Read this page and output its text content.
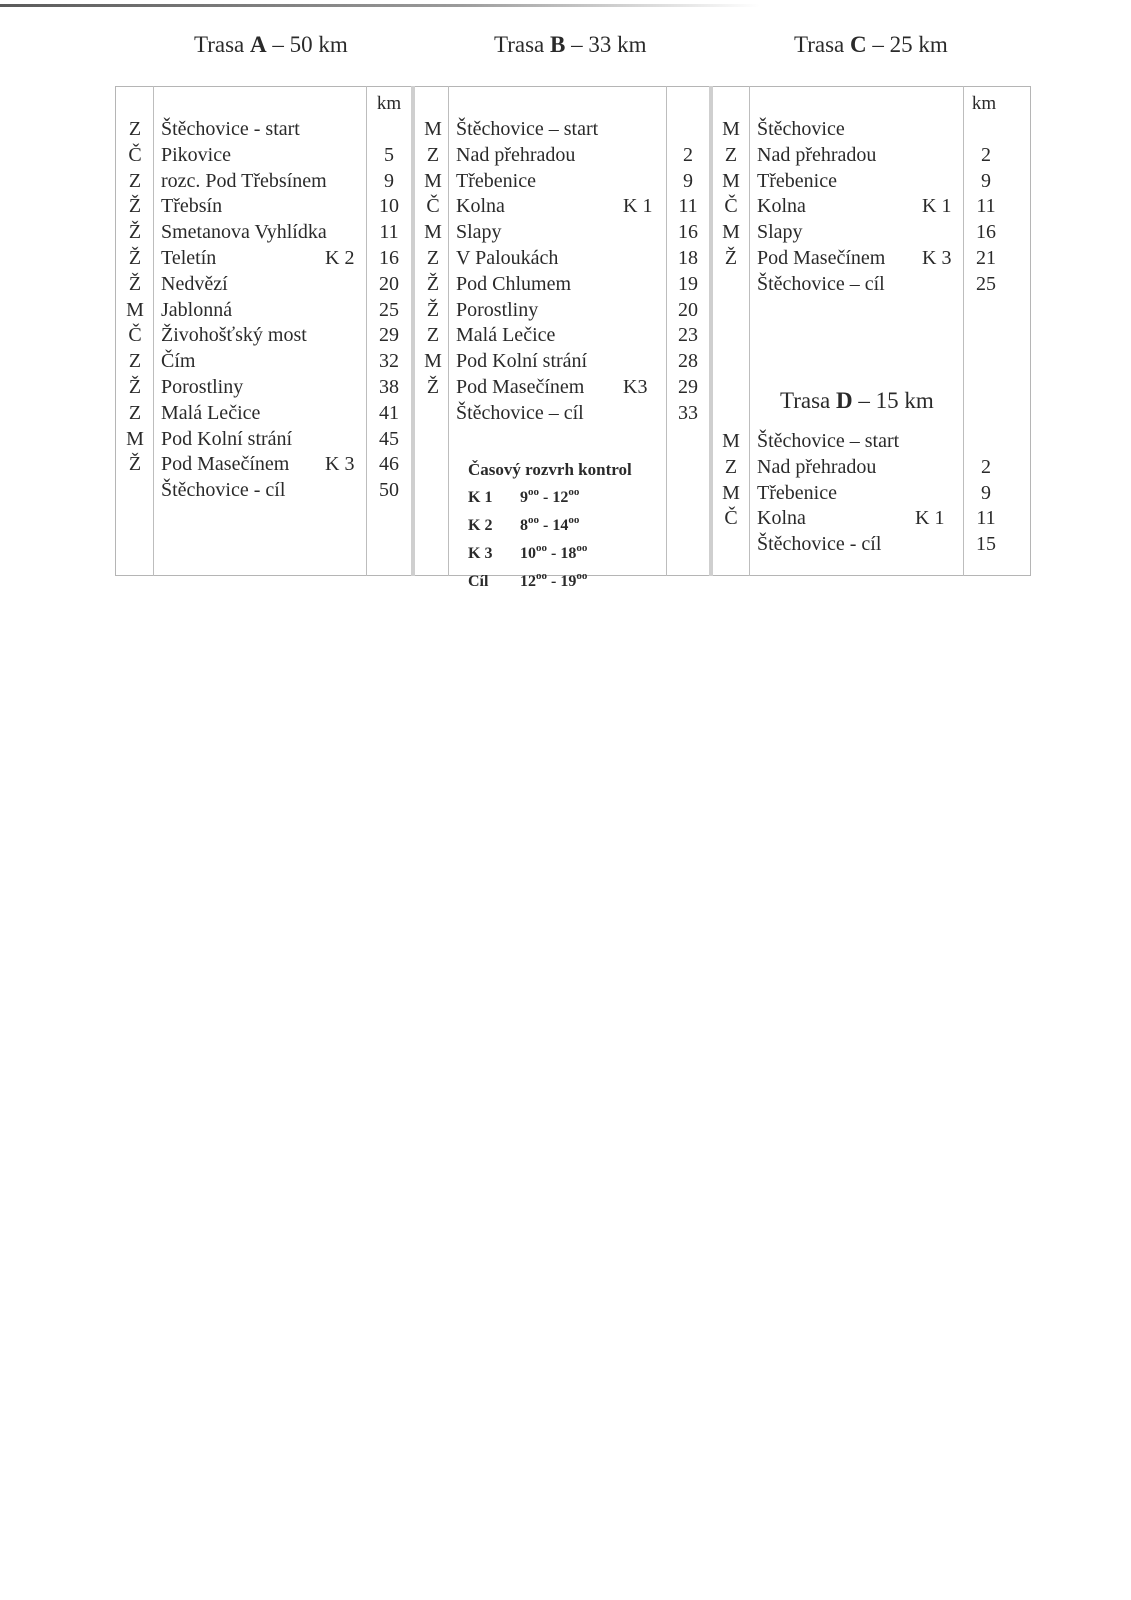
Trasa A – 50 km	Trasa B – 33 km	Trasa C – 25 km
km	km
Z Štěchovice - start
Č Pikovice	5
Z rozc. Pod Třebsínem	9
Ž Třebsín	10
Ž Smetanova Vyhlídka	11
Ž Teletín	K 2	16
Ž Nedvězí	20
M Jablonná	25
Č Živohošťský most	29
Z Čím	32
Ž Porostliny	38
Z Malá Lečice	41
M Pod Kolní strání	45
Ž Pod Masečínem K 3	46
Štěchovice - cíl	50
M Štěchovice – start
Z Nad přehradou	2
M Třebenice	9
Č Kolna	K 1	11
M Slapy	16
Z V Paloukách	18
Ž Pod Chlumem	19
Ž Porostliny	20
Z Malá Lečice	23
M Pod Kolní strání	28
Ž Pod Masečínem K3	29
Štěchovice – cíl	33
M Štěchovice
Z Nad přehradou	2
M Třebenice	9
Č Kolna	K 1	11
M Slapy	16
Ž Pod Masečínem K 3	21
Štěchovice – cíl	25
M Štěchovice – start
Z Nad přehradou	2
M Třebenice	9
Č Kolna	K 1	11
Štěchovice - cíl	15
Trasa D – 15 km
Časový rozvrh kontrol
K 1 $9^{oo} - 12^{oo}$
K 2 $8^{oo} - 14^{oo}$
K 3 $10^{oo} - 18^{oo}$
Cíl $12^{oo} - 19^{oo}$
